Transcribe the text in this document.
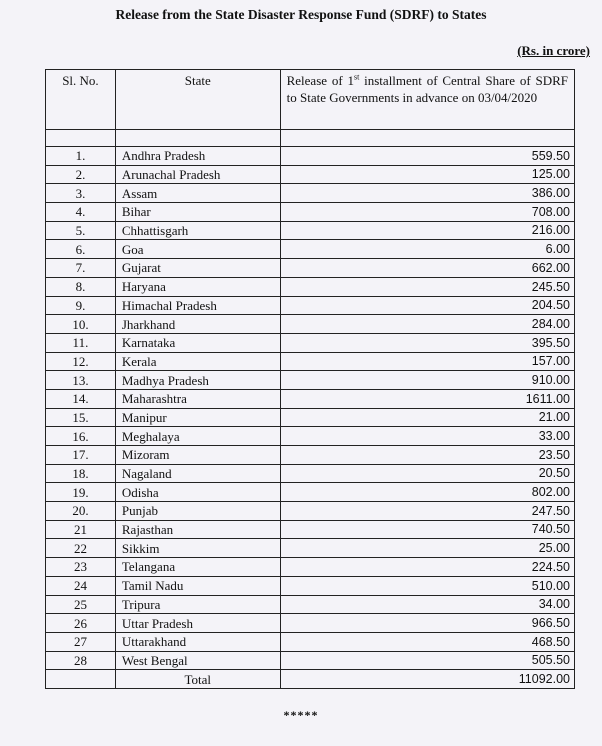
Release from the State Disaster Response Fund (SDRF) to States
(Rs. in crore)
Sl. No.	State	Release of 1st installment of Central Share of SDRF to State Governments in advance on 03/04/2020

1.	Andhra Pradesh	559.50
2.	Arunachal Pradesh	125.00
3.	Assam	386.00
4.	Bihar	708.00
5.	Chhattisgarh	216.00
6.	Goa	6.00
7.	Gujarat	662.00
8.	Haryana	245.50
9.	Himachal Pradesh	204.50
10.	Jharkhand	284.00
11.	Karnataka	395.50
12.	Kerala	157.00
13.	Madhya Pradesh	910.00
14.	Maharashtra	1611.00
15.	Manipur	21.00
16.	Meghalaya	33.00
17.	Mizoram	23.50
18.	Nagaland	20.50
19.	Odisha	802.00
20.	Punjab	247.50
21	Rajasthan	740.50
22	Sikkim	25.00
23	Telangana	224.50
24	Tamil Nadu	510.00
25	Tripura	34.00
26	Uttar Pradesh	966.50
27	Uttarakhand	468.50
28	West Bengal	505.50
	Total	11092.00
*****
